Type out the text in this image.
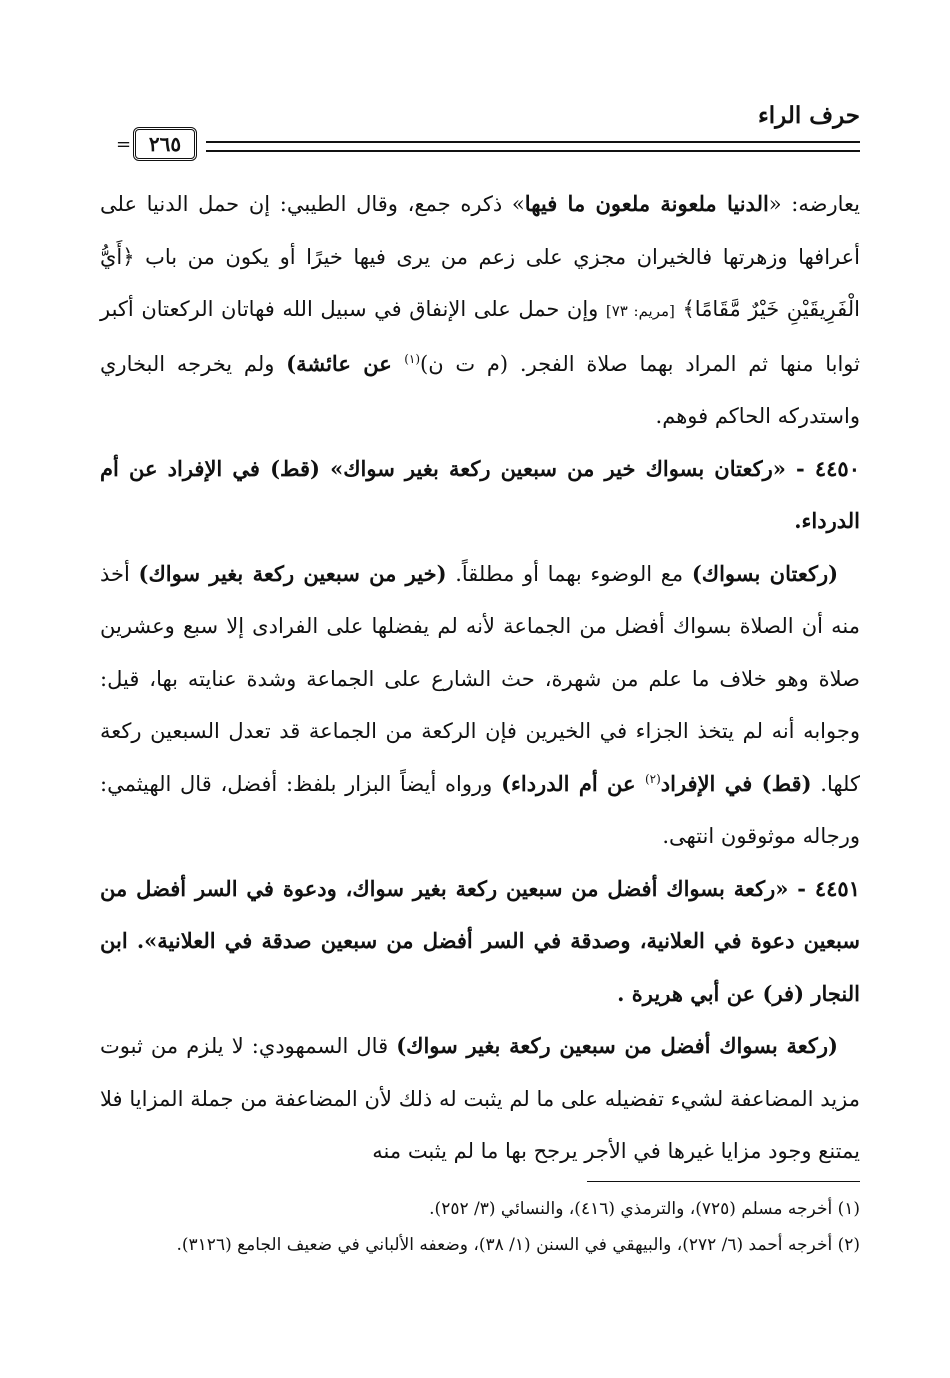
حرف الراء
٢٦٥
=

يعارضه: «الدنيا ملعونة ملعون ما فيها» ذكره جمع، وقال الطيبي: إن حمل الدنيا على أعرافها وزهرتها فالخيران مجزي على زعم من يرى فيها خيرًا أو يكون من باب ﴿أَيُّ الْفَرِيقَيْنِ خَيْرٌ مَّقَامًا﴾ [مريم: ٧٣] وإن حمل على الإنفاق في سبيل الله فهاتان الركعتان أكبر ثوابا منها ثم المراد بهما صلاة الفجر. (م ت ن)$^{(١)}$ عن عائشة) ولم يخرجه البخاري واستدركه الحاكم فوهم.

٤٤٥٠ - «ركعتان بسواك خير من سبعين ركعة بغير سواك» (قط) في الإفراد عن أم الدرداء.

(ركعتان بسواك) مع الوضوء بهما أو مطلقاً. (خير من سبعين ركعة بغير سواك) أخذ منه أن الصلاة بسواك أفضل من الجماعة لأنه لم يفضلها على الفرادى إلا سبع وعشرين صلاة وهو خلاف ما علم من شهرة، حث الشارع على الجماعة وشدة عنايته بها، قيل: وجوابه أنه لم يتخذ الجزاء في الخيرين فإن الركعة من الجماعة قد تعدل السبعين ركعة كلها. (قط) في الإفراد$^{(٢)}$ عن أم الدرداء) ورواه أيضاً البزار بلفظ: أفضل، قال الهيثمي: ورجاله موثوقون انتهى.

٤٤٥١ - «ركعة بسواك أفضل من سبعين ركعة بغير سواك، ودعوة في السر أفضل من سبعين دعوة في العلانية، وصدقة في السر أفضل من سبعين صدقة في العلانية». ابن النجار (فر) عن أبي هريرة .

(ركعة بسواك أفضل من سبعين ركعة بغير سواك) قال السمهودي: لا يلزم من ثبوت مزيد المضاعفة لشيء تفضيله على ما لم يثبت له ذلك لأن المضاعفة من جملة المزايا فلا يمتنع وجود مزايا غيرها في الأجر يرجح بها ما لم يثبت منه

(١) أخرجه مسلم (٧٢٥)، والترمذي (٤١٦)، والنسائي (٣/ ٢٥٢).

(٢) أخرجه أحمد (٦/ ٢٧٢)، والبيهقي في السنن (١/ ٣٨)، وضعفه الألباني في ضعيف الجامع (٣١٢٦).
